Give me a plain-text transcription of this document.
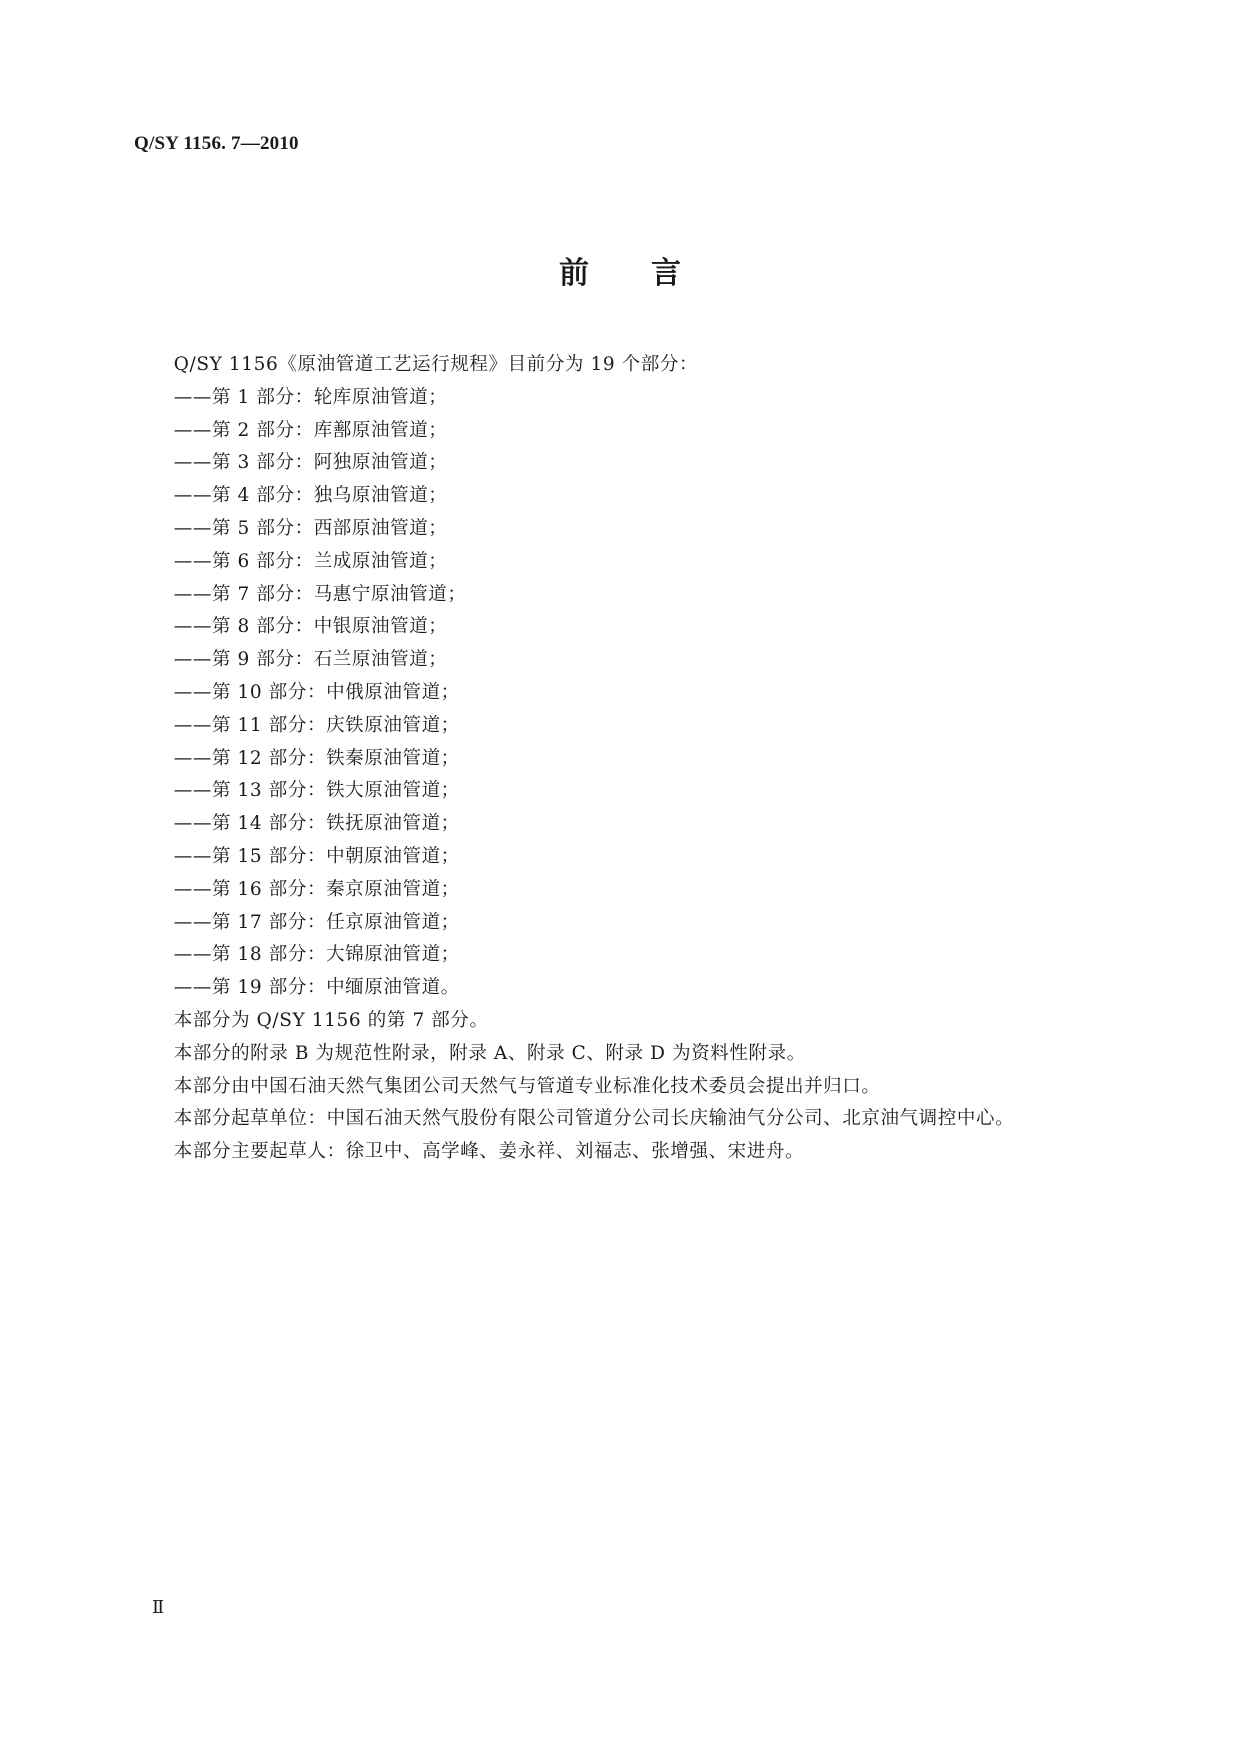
Q/SY 1156. 7—2010
前言

Q/SY 1156《原油管道工艺运行规程》目前分为 19 个部分：

——第 1 部分：轮库原油管道；
——第 2 部分：库鄯原油管道；
——第 3 部分：阿独原油管道；
——第 4 部分：独乌原油管道；
——第 5 部分：西部原油管道；
——第 6 部分：兰成原油管道；
——第 7 部分：马惠宁原油管道；
——第 8 部分：中银原油管道；
——第 9 部分：石兰原油管道；
——第 10 部分：中俄原油管道；
——第 11 部分：庆铁原油管道；
——第 12 部分：铁秦原油管道；
——第 13 部分：铁大原油管道；
——第 14 部分：铁抚原油管道；
——第 15 部分：中朝原油管道；
——第 16 部分：秦京原油管道；
——第 17 部分：任京原油管道；
——第 18 部分：大锦原油管道；
——第 19 部分：中缅原油管道。

本部分为 Q/SY 1156 的第 7 部分。

本部分的附录 B 为规范性附录，附录 A、附录 C、附录 D 为资料性附录。

本部分由中国石油天然气集团公司天然气与管道专业标准化技术委员会提出并归口。

本部分起草单位：中国石油天然气股份有限公司管道分公司长庆输油气分公司、北京油气调控中心。

本部分主要起草人：徐卫中、高学峰、姜永祥、刘福志、张增强、宋进舟。

Ⅱ
